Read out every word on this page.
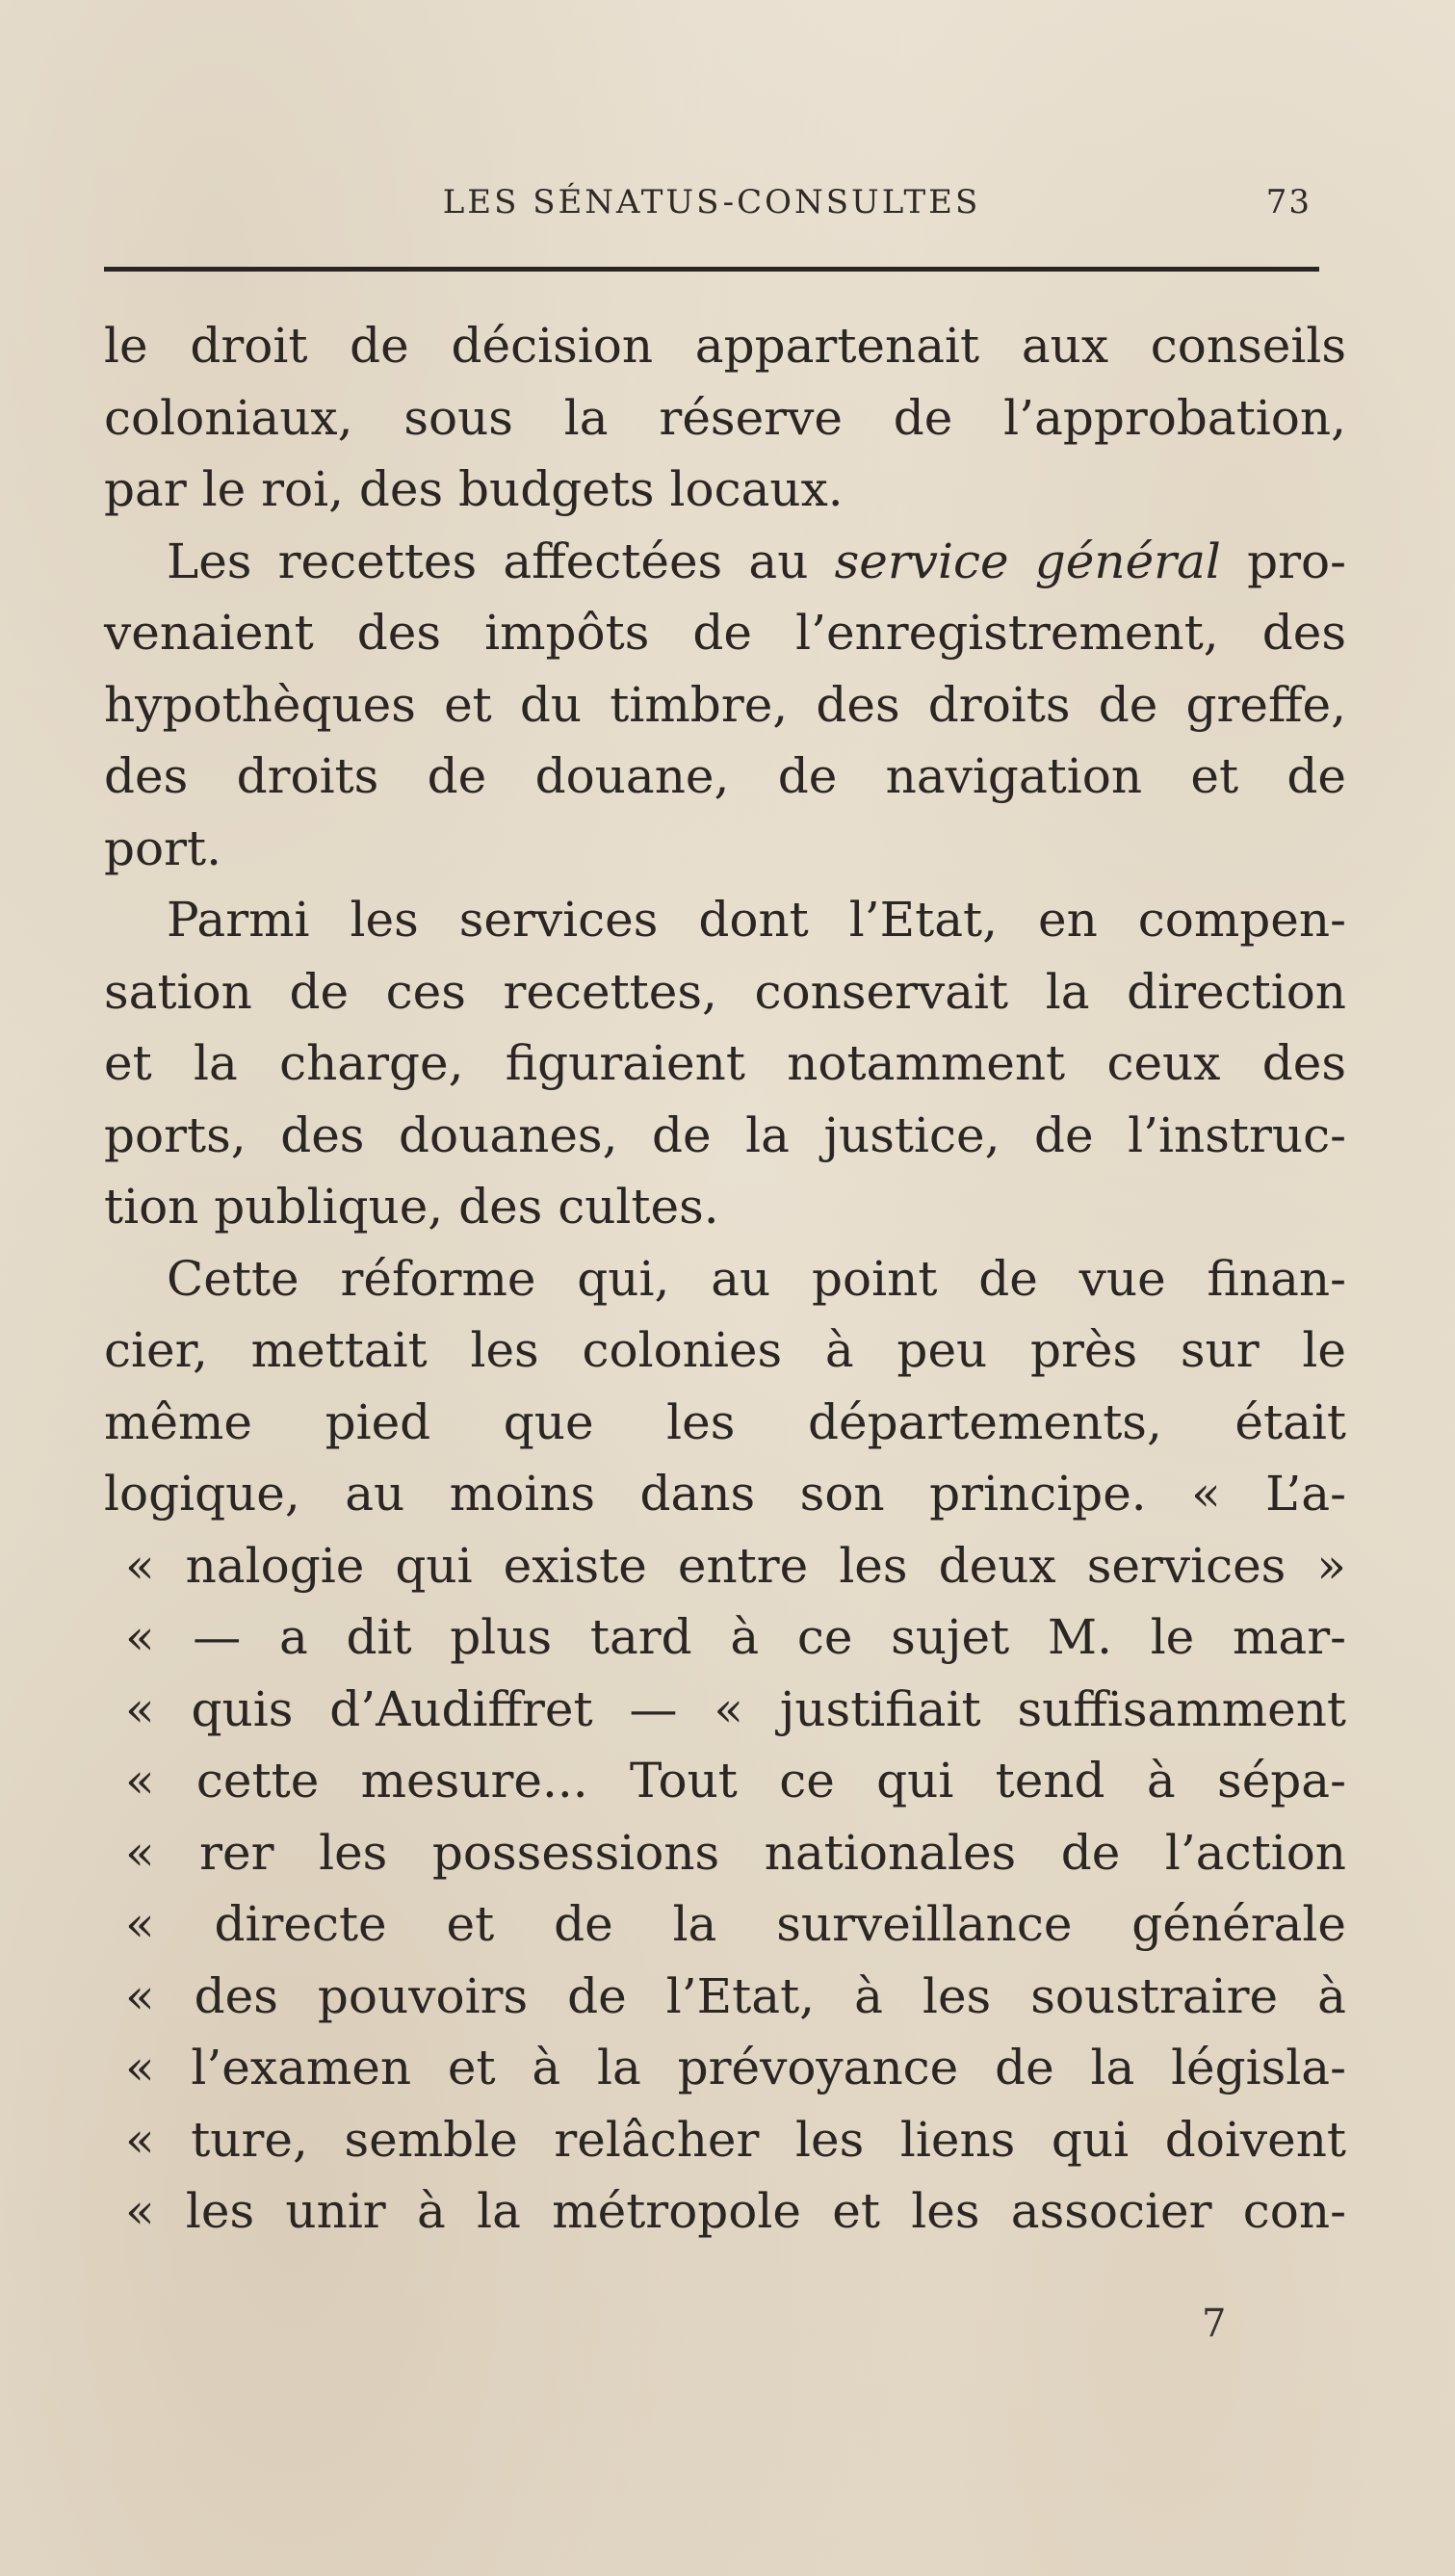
LES SÉNATUS-CONSULTES	73
le droit de décision appartenait aux conseils
coloniaux, sous la réserve de l’approbation,
par le roi, des budgets locaux.
Les recettes affectées au service général pro-
venaient des impôts de l’enregistrement, des
hypothèques et du timbre, des droits de greffe,
des droits de douane, de navigation et de
port.
Parmi les services dont l’Etat, en compen-
sation de ces recettes, conservait la direction
et la charge, figuraient notamment ceux des
ports, des douanes, de la justice, de l’instruc-
tion publique, des cultes.
Cette réforme qui, au point de vue finan-
cier, mettait les colonies à peu près sur le
même pied que les départements, était
logique, au moins dans son principe. « L’a-
« nalogie qui existe entre les deux services »
« — a dit plus tard à ce sujet M. le mar-
« quis d’Audiffret — « justifiait suffisamment
« cette mesure... Tout ce qui tend à sépa-
« rer les possessions nationales de l’action
« directe et de la surveillance générale
« des pouvoirs de l’Etat, à les soustraire à
« l’examen et à la prévoyance de la législa-
« ture, semble relâcher les liens qui doivent
« les unir à la métropole et les associer con-
7
